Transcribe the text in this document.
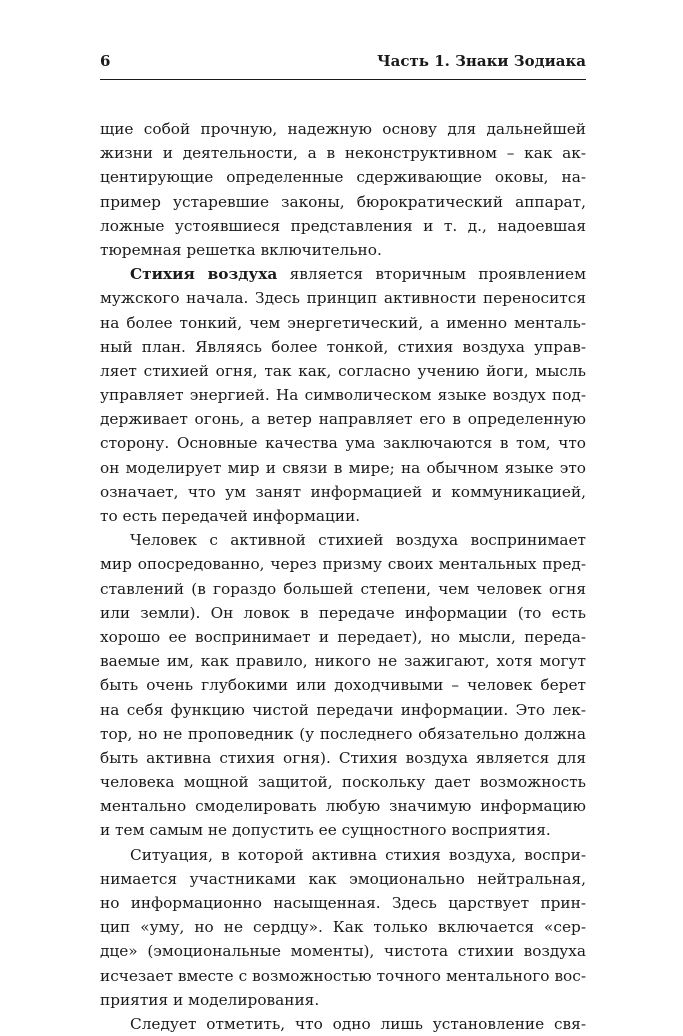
6	Часть 1. Знаки Зодиака
щие собой прочную, надежную основу для дальнейшей
жизни и деятельности, а в неконструктивном – как ак-
центирующие определенные сдерживающие оковы, на-
пример устаревшие законы, бюрократический аппарат,
ложные устоявшиеся представления и т. д., надоевшая
тюремная решетка включительно.
Стихия воздуха является вторичным проявлением
мужского начала. Здесь принцип активности переносится
на более тонкий, чем энергетический, а именно менталь-
ный план. Являясь более тонкой, стихия воздуха управ-
ляет стихией огня, так как, согласно учению йоги, мысль
управляет энергией. На символическом языке воздух под-
держивает огонь, а ветер направляет его в определенную
сторону. Основные качества ума заключаются в том, что
он моделирует мир и связи в мире; на обычном языке это
означает, что ум занят информацией и коммуникацией,
то есть передачей информации.
Человек с активной стихией воздуха воспринимает
мир опосредованно, через призму своих ментальных пред-
ставлений (в гораздо большей степени, чем человек огня
или земли). Он ловок в передаче информации (то есть
хорошо ее воспринимает и передает), но мысли, переда-
ваемые им, как правило, никого не зажигают, хотя могут
быть очень глубокими или доходчивыми – человек берет
на себя функцию чистой передачи информации. Это лек-
тор, но не проповедник (у последнего обязательно должна
быть активна стихия огня). Стихия воздуха является для
человека мощной защитой, поскольку дает возможность
ментально смоделировать любую значимую информацию
и тем самым не допустить ее сущностного восприятия.
Ситуация, в которой активна стихия воздуха, воспри-
нимается участниками как эмоционально нейтральная,
но информационно насыщенная. Здесь царствует прин-
цип «уму, но не сердцу». Как только включается «сер-
дце» (эмоциональные моменты), чистота стихии воздуха
исчезает вместе с возможностью точного ментального вос-
приятия и моделирования.
Следует отметить, что одно лишь установление свя-
